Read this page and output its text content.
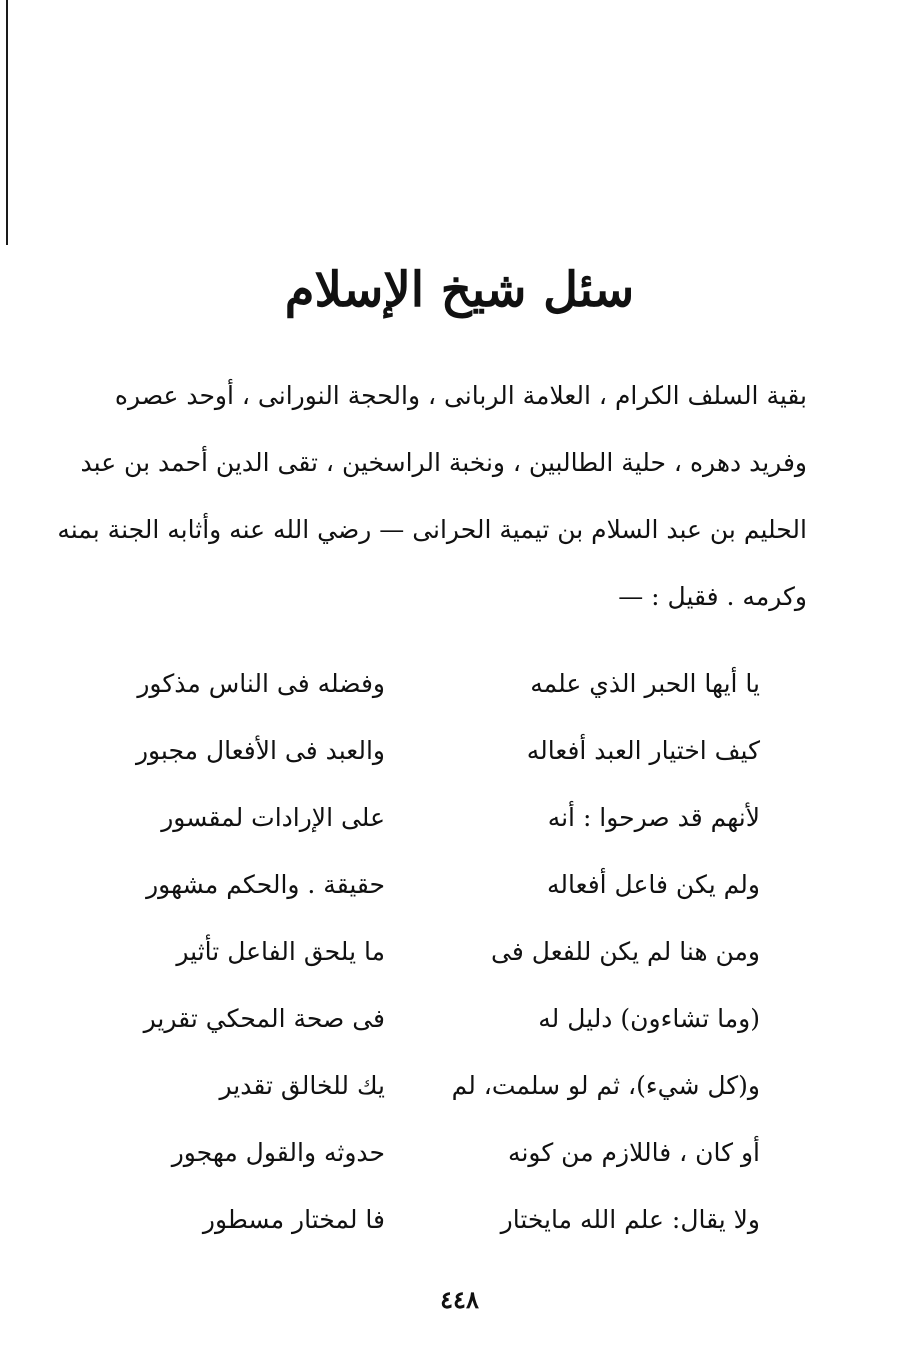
سئل شيخ الإسلام
بقية السلف الكرام ، العلامة الربانى ، والحجة النورانى ، أوحد عصره
وفريد دهره ، حلية الطالبين ، ونخبة الراسخين ، تقى الدين أحمد بن عبد
الحليم بن عبد السلام بن تيمية الحرانى — رضي الله عنه وأثابه الجنة بمنه
وكرمه . فقيل : —
يا أيها الحبر الذي علمه
وفضله فى الناس مذكور
كيف اختيار العبد أفعاله
والعبد فى الأفعال مجبور
لأنهم قد صرحوا : أنه
على الإرادات لمقسور
ولم يكن فاعل أفعاله
حقيقة . والحكم مشهور
ومن هنا لم يكن للفعل فى
ما يلحق الفاعل تأثير
(وما تشاءون) دليل له
فى صحة المحكي تقرير
و(كل شيء)، ثم لو سلمت، لم
يك للخالق تقدير
أو كان ، فاللازم من كونه
حدوثه والقول مهجور
ولا يقال: علم الله مايختار
فا لمختار مسطور
٤٤٨
